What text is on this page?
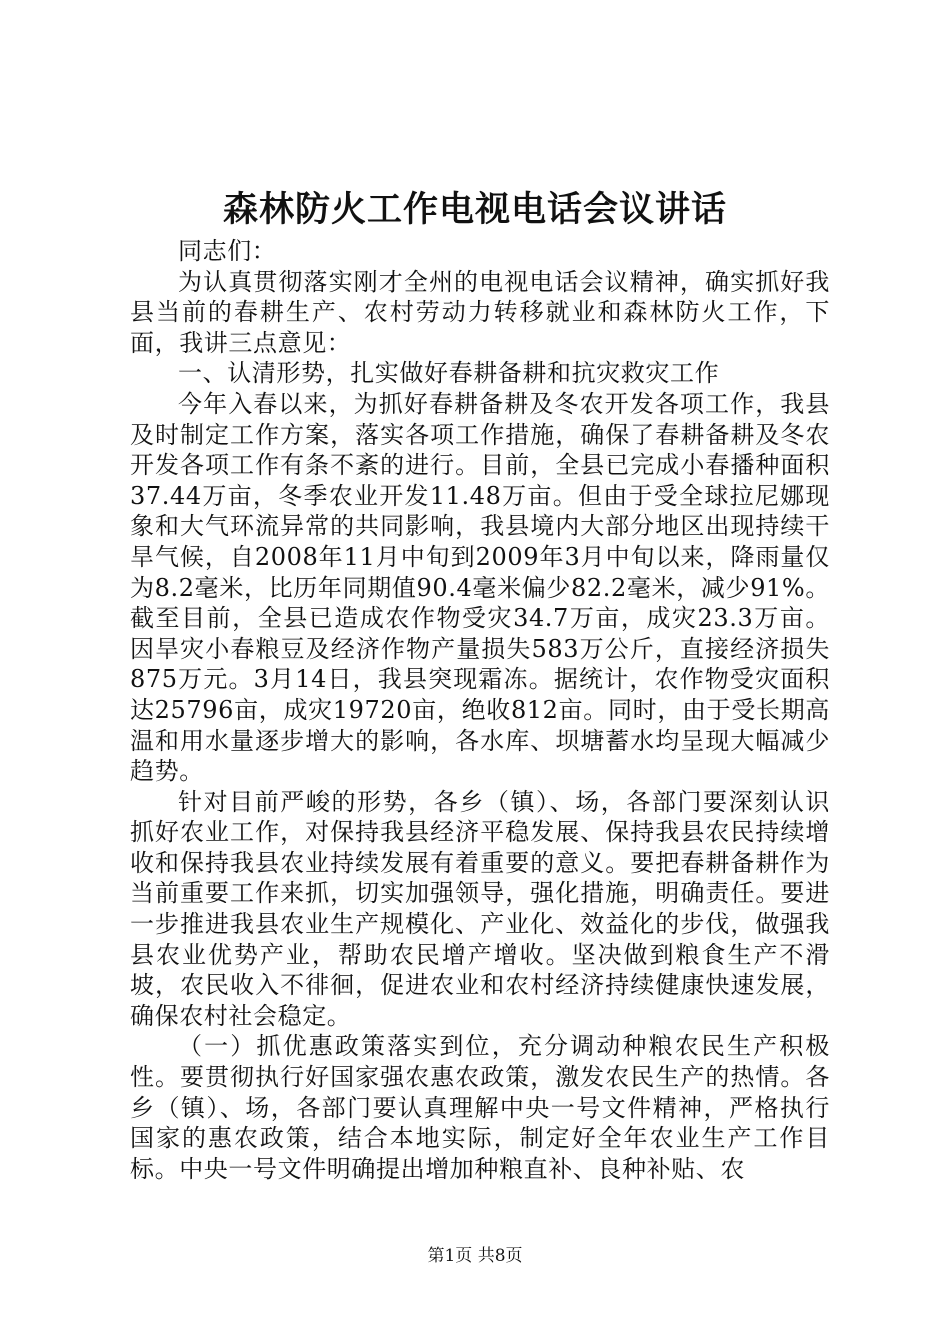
森林防火工作电视电话会议讲话

同志们：

为认真贯彻落实刚才全州的电视电话会议精神，确实抓好我县当前的春耕生产、农村劳动力转移就业和森林防火工作，下面，我讲三点意见：

一、认清形势，扎实做好春耕备耕和抗灾救灾工作

今年入春以来，为抓好春耕备耕及冬农开发各项工作，我县及时制定工作方案，落实各项工作措施，确保了春耕备耕及冬农开发各项工作有条不紊的进行。目前，全县已完成小春播种面积37.44万亩，冬季农业开发11.48万亩。但由于受全球拉尼娜现象和大气环流异常的共同影响，我县境内大部分地区出现持续干旱气候，自2008年11月中旬到2009年3月中旬以来，降雨量仅为8.2毫米，比历年同期值90.4毫米偏少82.2毫米，减少91%。截至目前，全县已造成农作物受灾34.7万亩，成灾23.3万亩。因旱灾小春粮豆及经济作物产量损失583万公斤，直接经济损失875万元。3月14日，我县突现霜冻。据统计，农作物受灾面积达25796亩，成灾19720亩，绝收812亩。同时，由于受长期高温和用水量逐步增大的影响，各水库、坝塘蓄水均呈现大幅减少趋势。

针对目前严峻的形势，各乡（镇）、场，各部门要深刻认识抓好农业工作，对保持我县经济平稳发展、保持我县农民持续增收和保持我县农业持续发展有着重要的意义。要把春耕备耕作为当前重要工作来抓，切实加强领导，强化措施，明确责任。要进一步推进我县农业生产规模化、产业化、效益化的步伐，做强我县农业优势产业，帮助农民增产增收。坚决做到粮食生产不滑坡，农民收入不徘徊，促进农业和农村经济持续健康快速发展，确保农村社会稳定。

（一）抓优惠政策落实到位，充分调动种粮农民生产积极性。要贯彻执行好国家强农惠农政策，激发农民生产的热情。各乡（镇）、场，各部门要认真理解中央一号文件精神，严格执行国家的惠农政策，结合本地实际，制定好全年农业生产工作目标。中央一号文件明确提出增加种粮直补、良种补贴、农

第1页 共8页
